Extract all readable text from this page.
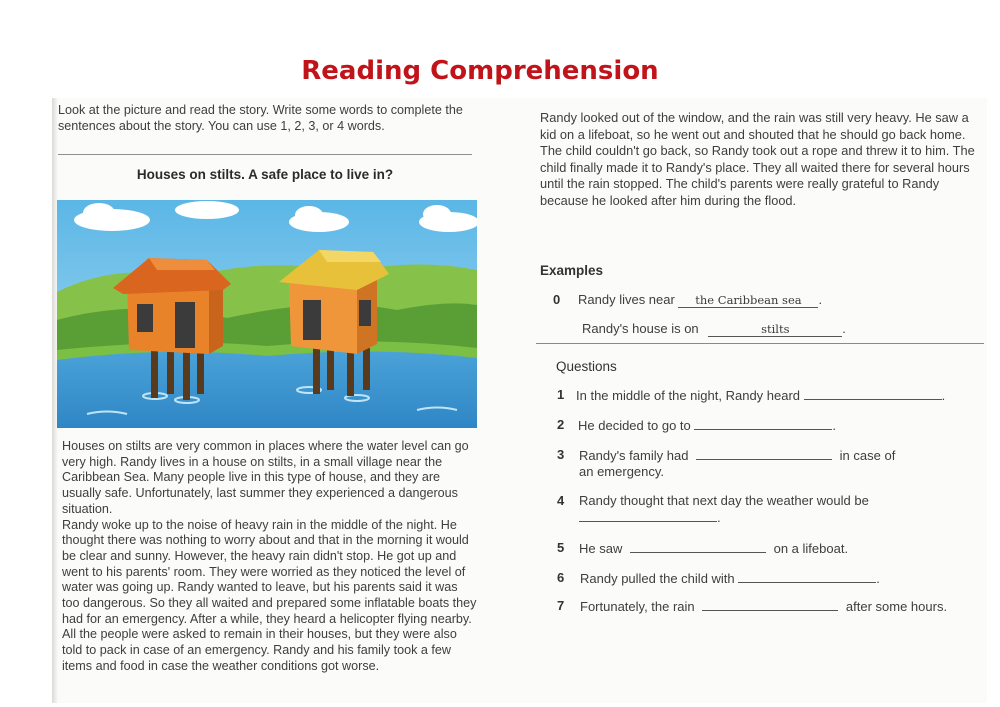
Reading Comprehension
Look at the picture and read the story. Write some words to complete the sentences about the story. You can use 1, 2, 3, or 4 words.
Houses on stilts. A safe place to live in?
Houses on stilts are very common in places where the water level can go very high. Randy lives in a house on stilts, in a small village near the Caribbean Sea. Many people live in this type of house, and they are usually safe. Unfortunately, last summer they experienced a dangerous situation.
Randy woke up to the noise of heavy rain in the middle of the night. He thought there was nothing to worry about and that in the morning it would be clear and sunny. However, the heavy rain didn't stop. He got up and went to his parents' room. They were worried as they noticed the level of water was going up. Randy wanted to leave, but his parents said it was too dangerous. So they all waited and prepared some inflatable boats they had for an emergency. After a while, they heard a helicopter flying nearby. All the people were asked to remain in their houses, but they were also told to pack in case of an emergency. Randy and his family took a few items and food in case the weather conditions got worse.
Randy looked out of the window, and the rain was still very heavy. He saw a kid on a lifeboat, so he went out and shouted that he should go back home. The child couldn't go back, so Randy took out a rope and threw it to him. The child finally made it to Randy's place. They all waited there for several hours until the rain stopped. The child's parents were really grateful to Randy because he looked after him during the flood.
Examples
0 Randy lives near the Caribbean sea .
Randy's house is on	stilts	.
Questions
1 In the middle of the night, Randy heard	.
2 He decided to go to	.
3 Randy's family had	in case of
an emergency.
4 Randy thought that next day the weather would be
.
5 He saw	on a lifeboat.
6 Randy pulled the child with	.
7 Fortunately, the rain	after some hours.
